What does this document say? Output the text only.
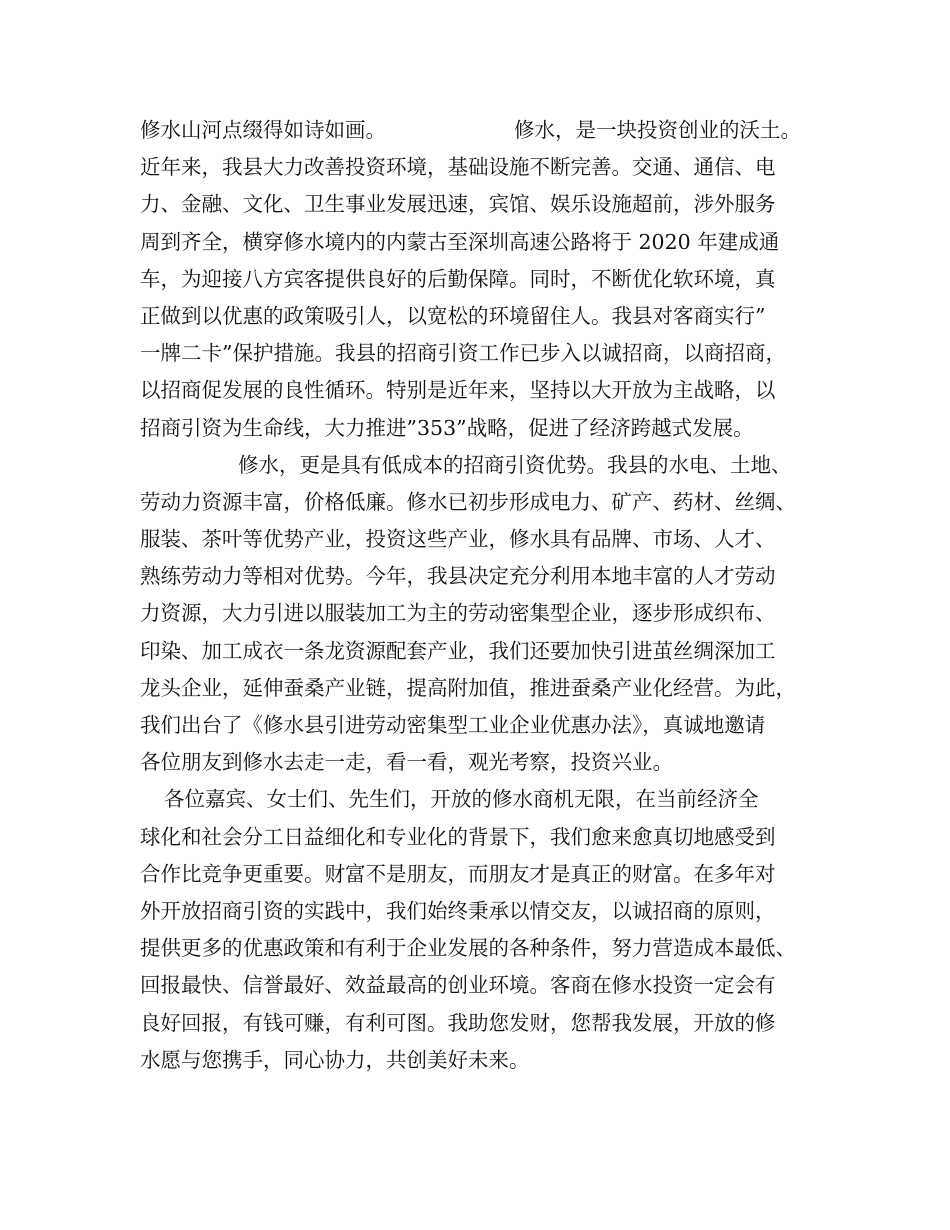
修水山河点缀得如诗如画。	修水，是一块投资创业的沃土。
近年来，我县大力改善投资环境，基础设施不断完善。交通、通信、电
力、金融、文化、卫生事业发展迅速，宾馆、娱乐设施超前，涉外服务
周到齐全，横穿修水境内的内蒙古至深圳高速公路将于 2020 年建成通
车，为迎接八方宾客提供良好的后勤保障。同时，不断优化软环境，真
正做到以优惠的政策吸引人，以宽松的环境留住人。我县对客商实行”
一牌二卡”保护措施。我县的招商引资工作已步入以诚招商，以商招商，
以招商促发展的良性循环。特别是近年来，坚持以大开放为主战略，以
招商引资为生命线，大力推进”353”战略，促进了经济跨越式发展。
修水，更是具有低成本的招商引资优势。我县的水电、土地、
劳动力资源丰富，价格低廉。修水已初步形成电力、矿产、药材、丝绸、
服装、茶叶等优势产业，投资这些产业，修水具有品牌、市场、人才、
熟练劳动力等相对优势。今年，我县决定充分利用本地丰富的人才劳动
力资源，大力引进以服装加工为主的劳动密集型企业，逐步形成织布、
印染、加工成衣一条龙资源配套产业，我们还要加快引进茧丝绸深加工
龙头企业，延伸蚕桑产业链，提高附加值，推进蚕桑产业化经营。为此，
我们出台了《修水县引进劳动密集型工业企业优惠办法》，真诚地邀请
各位朋友到修水去走一走，看一看，观光考察，投资兴业。
各位嘉宾、女士们、先生们，开放的修水商机无限，在当前经济全
球化和社会分工日益细化和专业化的背景下，我们愈来愈真切地感受到
合作比竞争更重要。财富不是朋友，而朋友才是真正的财富。在多年对
外开放招商引资的实践中，我们始终秉承以情交友，以诚招商的原则，
提供更多的优惠政策和有利于企业发展的各种条件，努力营造成本最低、
回报最快、信誉最好、效益最高的创业环境。客商在修水投资一定会有
良好回报，有钱可赚，有利可图。我助您发财，您帮我发展，开放的修
水愿与您携手，同心协力，共创美好未来。
